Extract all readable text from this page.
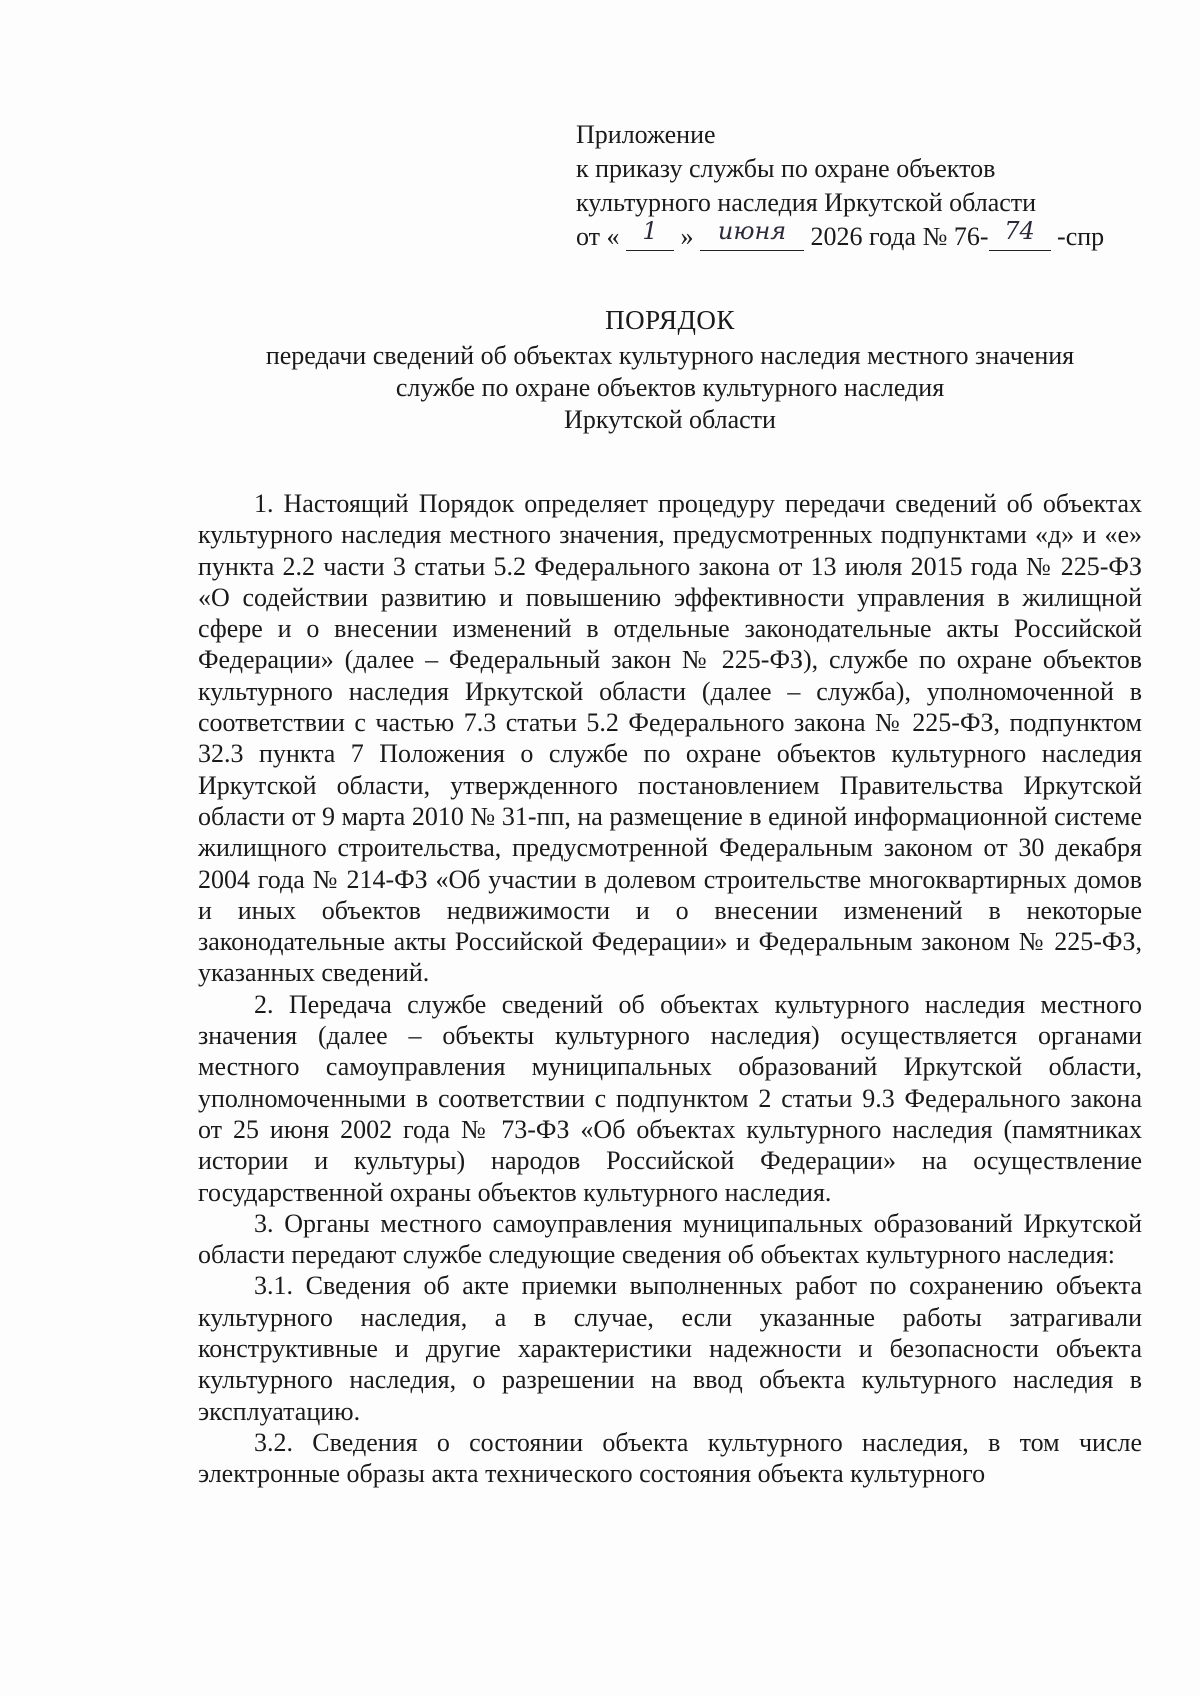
Приложение
к приказу службы по охране объектов
культурного наследия Иркутской области
от « 1 » июня 2026 года № 76- 74 -спр
ПОРЯДОК
передачи сведений об объектах культурного наследия местного значения
службе по охране объектов культурного наследия
Иркутской области

1. Настоящий Порядок определяет процедуру передачи сведений об объектах культурного наследия местного значения, предусмотренных подпунктами «д» и «е» пункта 2.2 части 3 статьи 5.2 Федерального закона от 13 июля 2015 года № 225-ФЗ «О содействии развитию и повышению эффективности управления в жилищной сфере и о внесении изменений в отдельные законодательные акты Российской Федерации» (далее – Федеральный закон № 225-ФЗ), службе по охране объектов культурного наследия Иркутской области (далее – служба), уполномоченной в соответствии с частью 7.3 статьи 5.2 Федерального закона № 225-ФЗ, подпунктом 32.3 пункта 7 Положения о службе по охране объектов культурного наследия Иркутской области, утвержденного постановлением Правительства Иркутской области от 9 марта 2010 № 31-пп, на размещение в единой информационной системе жилищного строительства, предусмотренной Федеральным законом от 30 декабря 2004 года № 214-ФЗ «Об участии в долевом строительстве многоквартирных домов и иных объектов недвижимости и о внесении изменений в некоторые законодательные акты Российской Федерации» и Федеральным законом № 225-ФЗ, указанных сведений.

2. Передача службе сведений об объектах культурного наследия местного значения (далее – объекты культурного наследия) осуществляется органами местного самоуправления муниципальных образований Иркутской области, уполномоченными в соответствии с подпунктом 2 статьи 9.3 Федерального закона от 25 июня 2002 года № 73-ФЗ «Об объектах культурного наследия (памятниках истории и культуры) народов Российской Федерации» на осуществление государственной охраны объектов культурного наследия.

3. Органы местного самоуправления муниципальных образований Иркутской области передают службе следующие сведения об объектах культурного наследия:

3.1. Сведения об акте приемки выполненных работ по сохранению объекта культурного наследия, а в случае, если указанные работы затрагивали конструктивные и другие характеристики надежности и безопасности объекта культурного наследия, о разрешении на ввод объекта культурного наследия в эксплуатацию.

3.2. Сведения о состоянии объекта культурного наследия, в том числе электронные образы акта технического состояния объекта культурного
